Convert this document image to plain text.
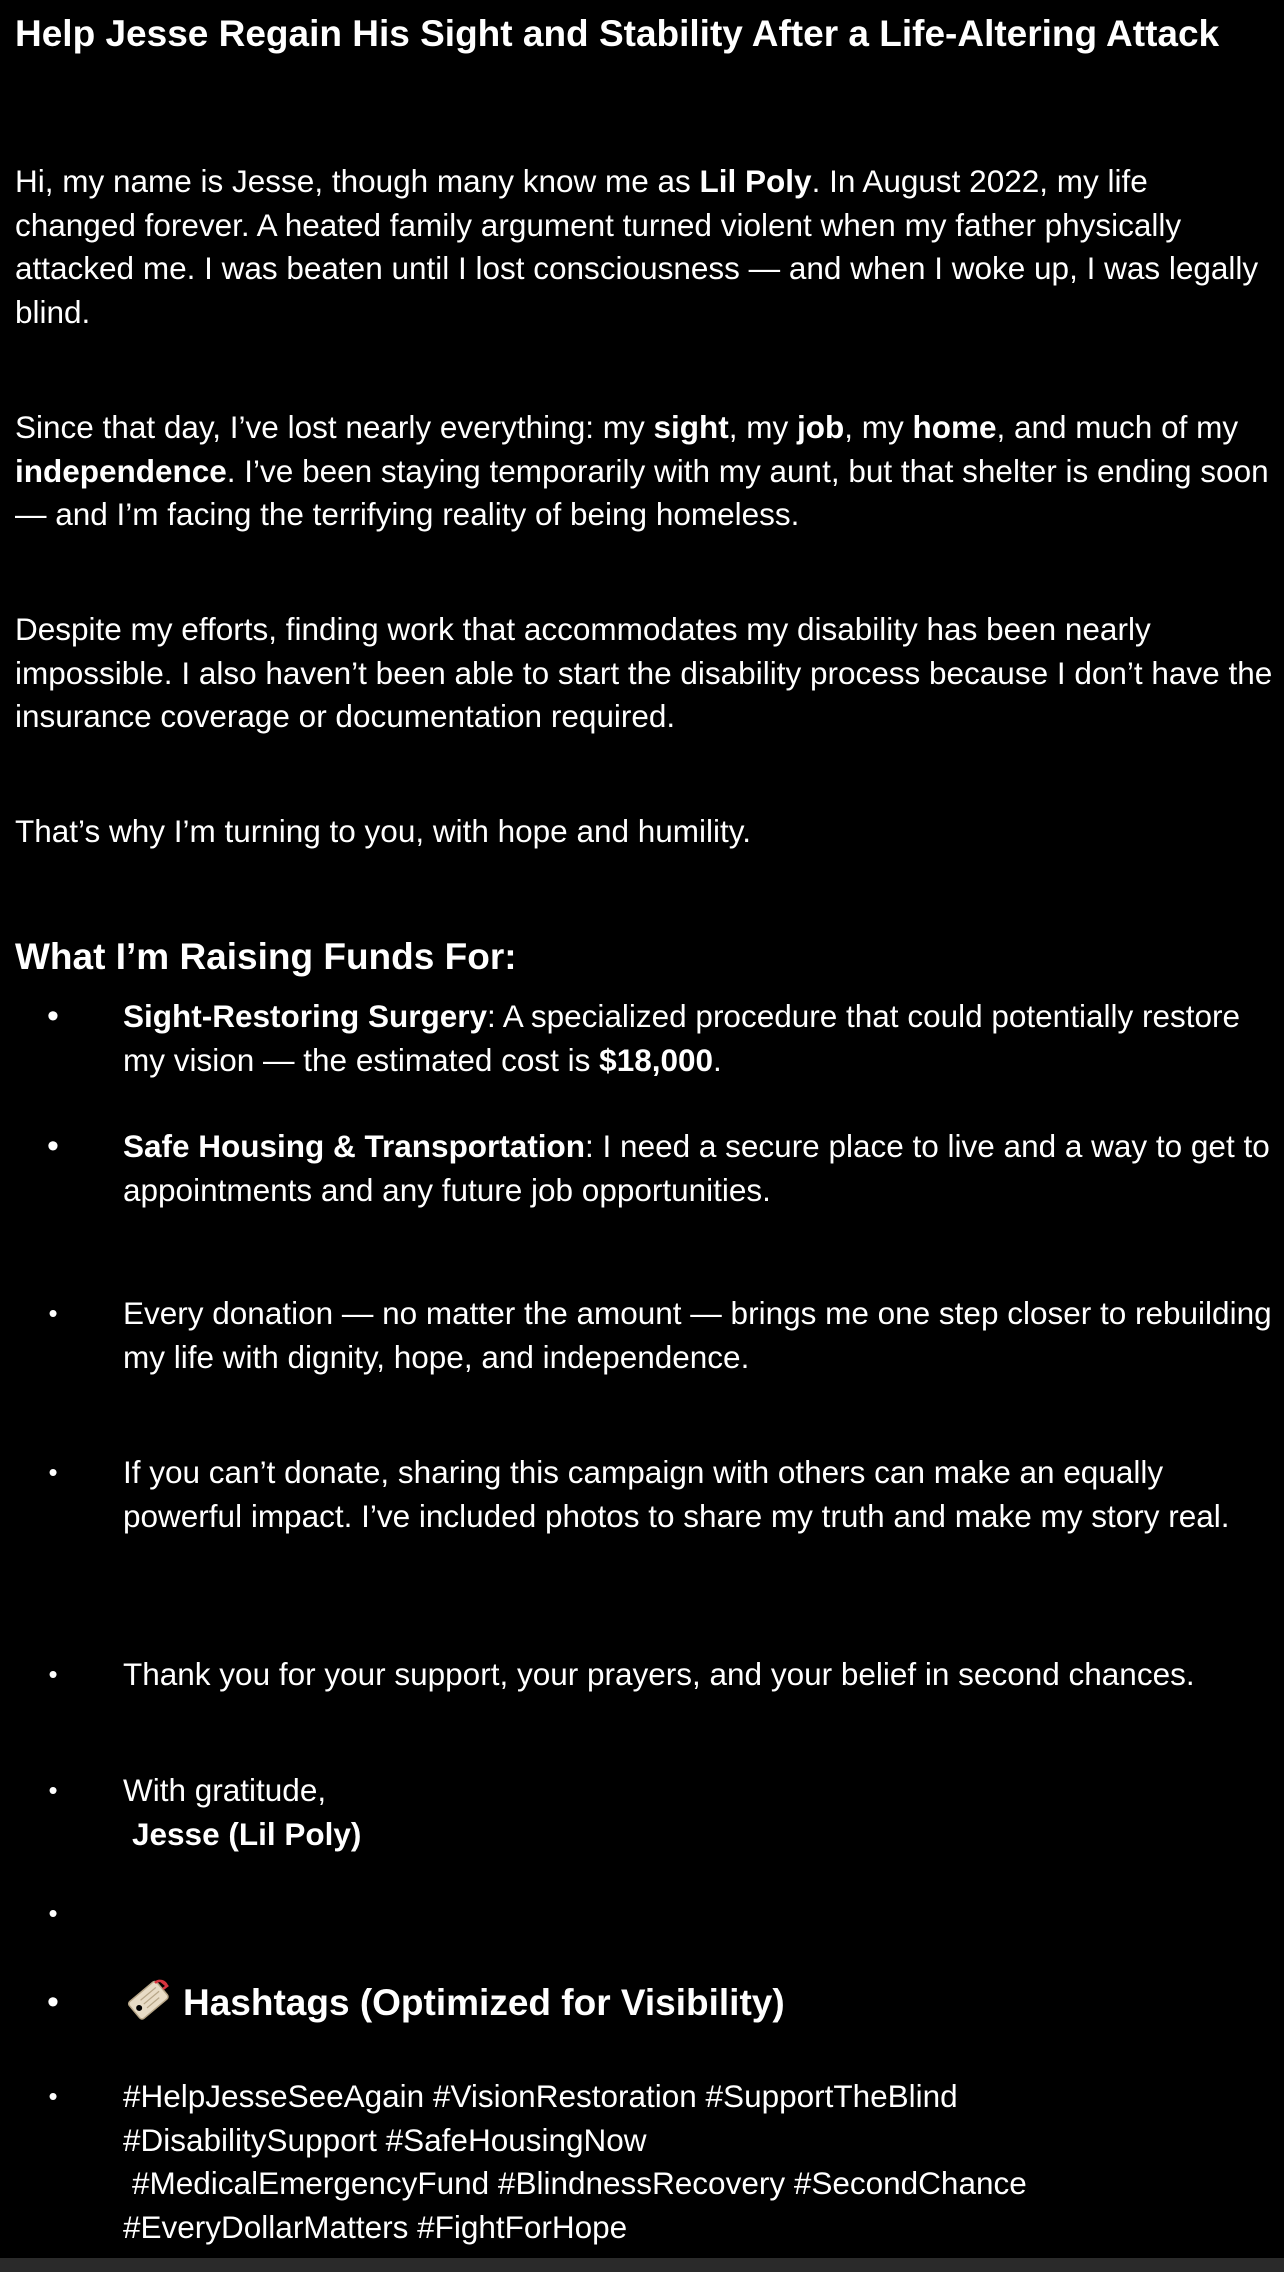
Help Jesse Regain His Sight and Stability After a Life-Altering Attack

Hi, my name is Jesse, though many know me as Lil Poly. In August 2022, my life changed forever. A heated family argument turned violent when my father physically attacked me. I was beaten until I lost consciousness — and when I woke up, I was legally blind.

Since that day, I’ve lost nearly everything: my sight, my job, my home, and much of my independence. I’ve been staying temporarily with my aunt, but that shelter is ending soon — and I’m facing the terrifying reality of being homeless.

Despite my efforts, finding work that accommodates my disability has been nearly impossible. I also haven’t been able to start the disability process because I don’t have the insurance coverage or documentation required.

That’s why I’m turning to you, with hope and humility.

What I’m Raising Funds For:
• Sight-Restoring Surgery: A specialized procedure that could potentially restore my vision — the estimated cost is $18,000.
• Safe Housing & Transportation: I need a secure place to live and a way to get to appointments and any future job opportunities.
• Every donation — no matter the amount — brings me one step closer to rebuilding my life with dignity, hope, and independence.
• If you can’t donate, sharing this campaign with others can make an equally powerful impact. I’ve included photos to share my truth and make my story real.
• Thank you for your support, your prayers, and your belief in second chances.
• With gratitude,
Jesse (Lil Poly)
•
•	Hashtags (Optimized for Visibility)
• #HelpJesseSeeAgain #VisionRestoration #SupportTheBlind
#DisabilitySupport #SafeHousingNow
#MedicalEmergencyFund #BlindnessRecovery #SecondChance
#EveryDollarMatters #FightForHope
